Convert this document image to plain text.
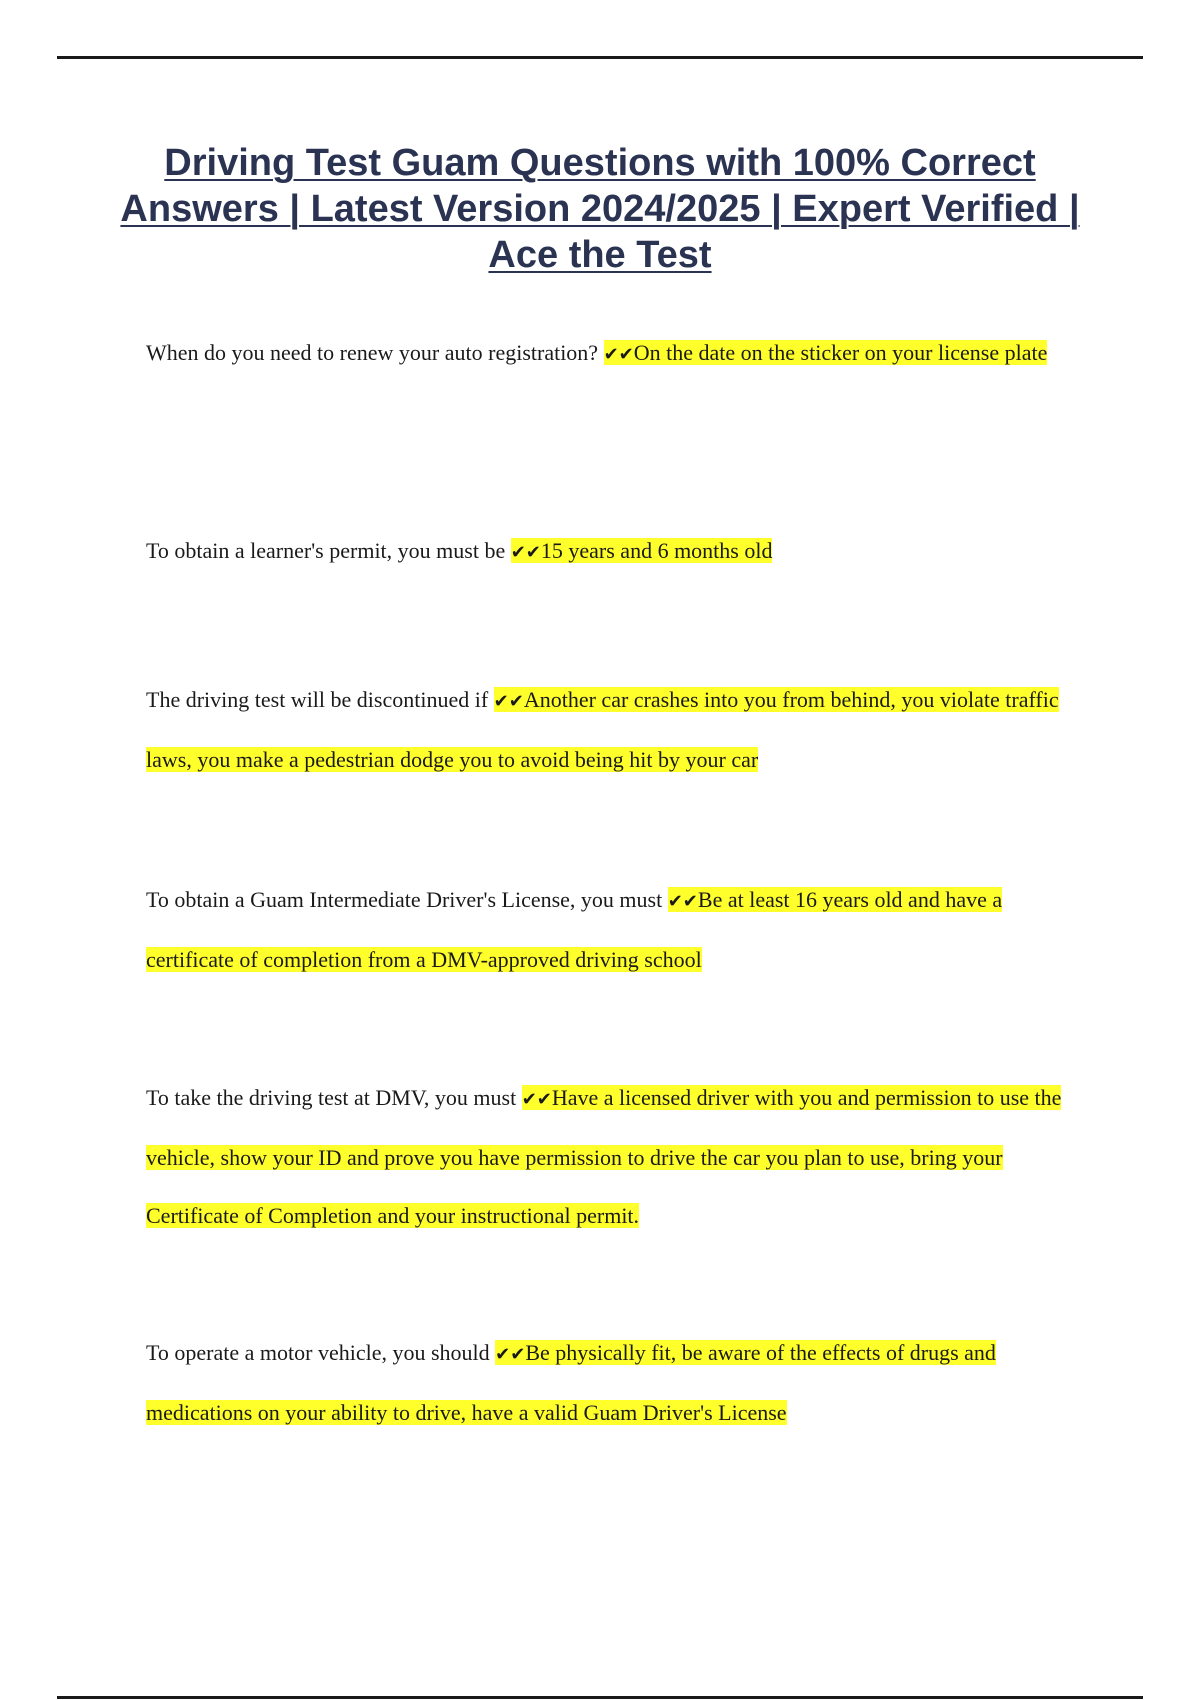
Driving Test Guam Questions with 100% Correct Answers | Latest Version 2024/2025 | Expert Verified | Ace the Test

When do you need to renew your auto registration? ✔✔On the date on the sticker on your license plate

To obtain a learner's permit, you must be ✔✔15 years and 6 months old

The driving test will be discontinued if ✔✔Another car crashes into you from behind, you violate traffic laws, you make a pedestrian dodge you to avoid being hit by your car

To obtain a Guam Intermediate Driver's License, you must ✔✔Be at least 16 years old and have a certificate of completion from a DMV-approved driving school

To take the driving test at DMV, you must ✔✔Have a licensed driver with you and permission to use the vehicle, show your ID and prove you have permission to drive the car you plan to use, bring your Certificate of Completion and your instructional permit.

To operate a motor vehicle, you should ✔✔Be physically fit, be aware of the effects of drugs and medications on your ability to drive, have a valid Guam Driver's License
